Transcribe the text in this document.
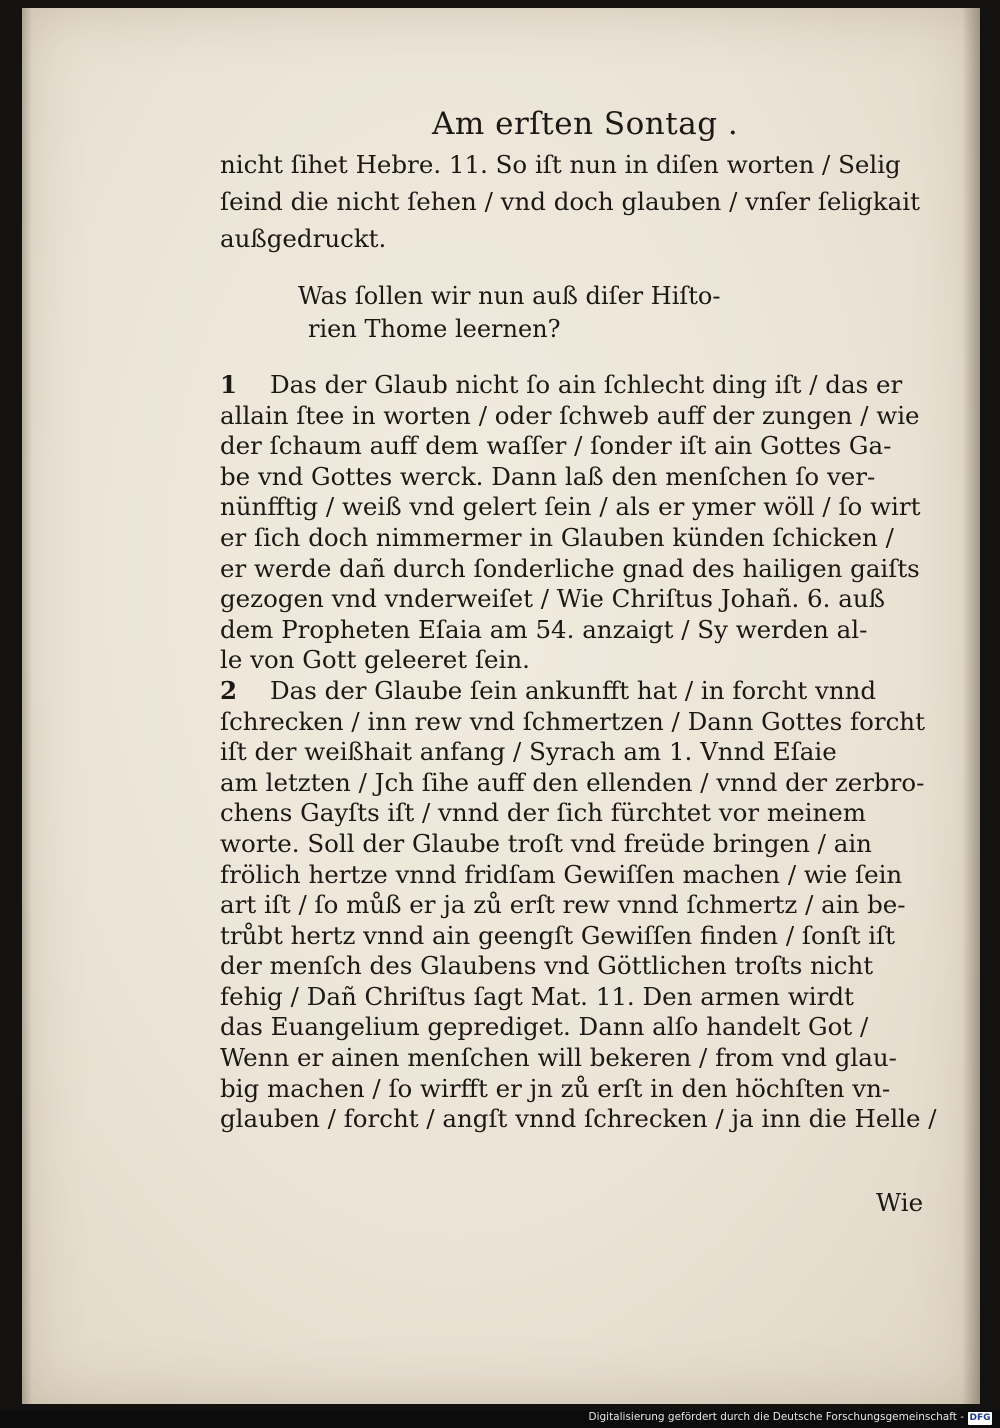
Am erſten Sontag .
nicht ſihet Hebre. 11. So iſt nun in diſen worten / Selig
ſeind die nicht ſehen / vnd doch glauben / vnſer ſeligkait
außgedruckt.
Was ſollen wir nun auß diſer Hiſto-
rien Thome leernen?
1 Das der Glaub nicht ſo ain ſchlecht ding iſt / das er
allain ſtee in worten / oder ſchweb auff der zungen / wie
der ſchaum auff dem waſſer / ſonder iſt ain Gottes Ga-
be vnd Gottes werck. Dann laß den menſchen ſo ver-
nünfftig / weiß vnd gelert ſein / als er ymer wöll / ſo wirt
er ſich doch nimmermer in Glauben künden ſchicken /
er werde dañ durch ſonderliche gnad des hailigen gaiſts
gezogen vnd vnderweiſet / Wie Chriſtus Johañ. 6. auß
dem Propheten Eſaia am 54. anzaigt / Sy werden al-
le von Gott geleeret ſein.
2 Das der Glaube ſein ankunfft hat / in forcht vnnd
ſchrecken / inn rew vnd ſchmertzen / Dann Gottes forcht
iſt der weißhait anfang / Syrach am 1. Vnnd Eſaie
am letzten / Jch ſihe auff den ellenden / vnnd der zerbro-
chens Gayſts iſt / vnnd der ſich fürchtet vor meinem
worte. Soll der Glaube troſt vnd freüde bringen / ain
frölich hertze vnnd fridſam Gewiſſen machen / wie ſein
art iſt / ſo můß er ja zů erſt rew vnnd ſchmertz / ain be-
trůbt hertz vnnd ain geengſt Gewiſſen finden / ſonſt iſt
der menſch des Glaubens vnd Göttlichen troſts nicht
fehig / Dañ Chriſtus ſagt Mat. 11. Den armen wirdt
das Euangelium geprediget. Dann alſo handelt Got /
Wenn er ainen menſchen will bekeren / from vnd glau-
big machen / ſo wirfft er jn zů erſt in den höchſten vn-
glauben / forcht / angſt vnnd ſchrecken / ja inn die Helle /
Wie
Digitalisierung gefördert durch die Deutsche Forschungsgemeinschaft - DFG
